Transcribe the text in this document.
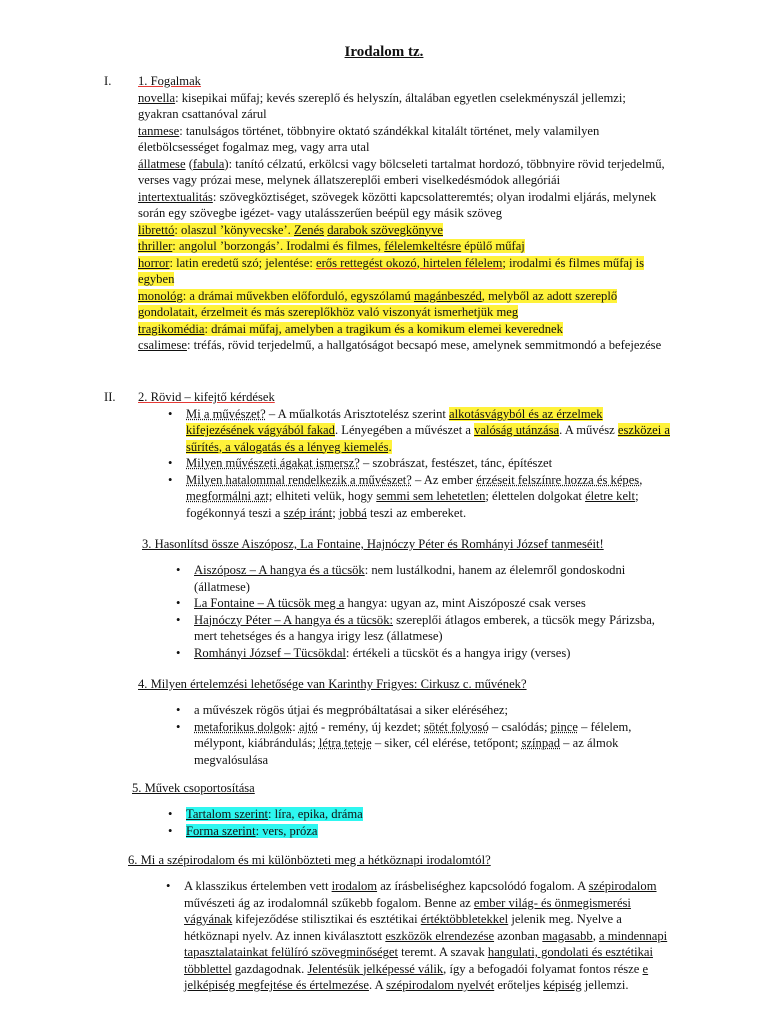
Irodalom tz.
I.	1. Fogalmak
novella: kisepikai műfaj; kevés szereplő és helyszín, általában egyetlen cselekményszál jellemzi; gyakran csattanóval zárul
tanmese: tanulságos történet, többnyire oktató szándékkal kitalált történet, mely valamilyen életbölcsességet fogalmaz meg, vagy arra utal
állatmese (fabula): tanító célzatú, erkölcsi vagy bölcseleti tartalmat hordozó, többnyire rövid terjedelmű, verses vagy prózai mese, melynek állatszereplői emberi viselkedésmódok allegóriái
intertextualitás: szövegköztiséget, szövegek közötti kapcsolatteremtés; olyan irodalmi eljárás, melynek során egy szövegbe igézet- vagy utalásszerűen beépül egy másik szöveg
librettó: olaszul ’könyvecske’. Zenés darabok szövegkönyve
thriller: angolul ’borzongás’. Irodalmi és filmes, félelemkeltésre épülő műfaj
horror: latin eredetű szó; jelentése: erős rettegést okozó, hirtelen félelem; irodalmi és filmes műfaj is egyben
monológ: a drámai művekben előforduló, egyszólamú magánbeszéd, melyből az adott szereplő gondolatait, érzelmeit és más szereplőkhöz való viszonyát ismerhetjük meg
tragikomédia: drámai műfaj, amelyben a tragikum és a komikum elemei keverednek
csalimese: tréfás, rövid terjedelmű, a hallgatóságot becsapó mese, amelynek semmitmondó a befejezése
II.	2. Rövid – kifejtő kérdések
• Mi a művészet? – A műalkotás Arisztotelész szerint alkotásvágyból és az érzelmek kifejezésének vágyából fakad. Lényegében a művészet a valóság utánzása. A művész eszközei a sűrítés, a válogatás és a lényeg kiemelés.
• Milyen művészeti ágakat ismersz? – szobrászat, festészet, tánc, építészet
• Milyen hatalommal rendelkezik a művészet? – Az ember érzéseit felszínre hozza és képes, megformálni azt; elhiteti velük, hogy semmi sem lehetetlen; élettelen dolgokat életre kelt; fogékonnyá teszi a szép iránt; jobbá teszi az embereket.
3. Hasonlítsd össze Aiszóposz, La Fontaine, Hajnóczy Péter és Romhányi József tanmeséit!
• Aiszóposz – A hangya és a tücsök: nem lustálkodni, hanem az élelemről gondoskodni (állatmese)
• La Fontaine – A tücsök meg a hangya: ugyan az, mint Aiszóposzé csak verses
• Hajnóczy Péter – A hangya és a tücsök: szereplői átlagos emberek, a tücsök megy Párizsba, mert tehetséges és a hangya irigy lesz (állatmese)
• Romhányi József – Tücsökdal: értékeli a tücsköt és a hangya irigy (verses)
4. Milyen értelemzési lehetősége van Karinthy Frigyes: Cirkusz c. művének?
• a művészek rögös útjai és megpróbáltatásai a siker eléréséhez;
• metaforikus dolgok: ajtó - remény, új kezdet; sötét folyosó – csalódás; pince – félelem, mélypont, kiábrándulás; létra teteje – siker, cél elérése, tetőpont; színpad – az álmok megvalósulása
5. Művek csoportosítása
• Tartalom szerint: líra, epika, dráma
• Forma szerint: vers, próza
6. Mi a szépirodalom és mi különbözteti meg a hétköznapi irodalomtól?
• A klasszikus értelemben vett irodalom az írásbeliséghez kapcsolódó fogalom. A szépirodalom művészeti ág az irodalomnál szűkebb fogalom. Benne az ember világ- és önmegismerési vágyának kifejeződése stilisztikai és esztétikai értéktöbbletekkel jelenik meg. Nyelve a hétköznapi nyelv. Az innen kiválasztott eszközök elrendezése azonban magasabb, a mindennapi tapasztalatainkat felülíró szövegminőséget teremt. A szavak hangulati, gondolati és esztétikai többlettel gazdagodnak. Jelentésük jelképessé válik, így a befogadói folyamat fontos része e jelképiség megfejtése és értelmezése. A szépirodalom nyelvét erőteljes képiség jellemzi.
